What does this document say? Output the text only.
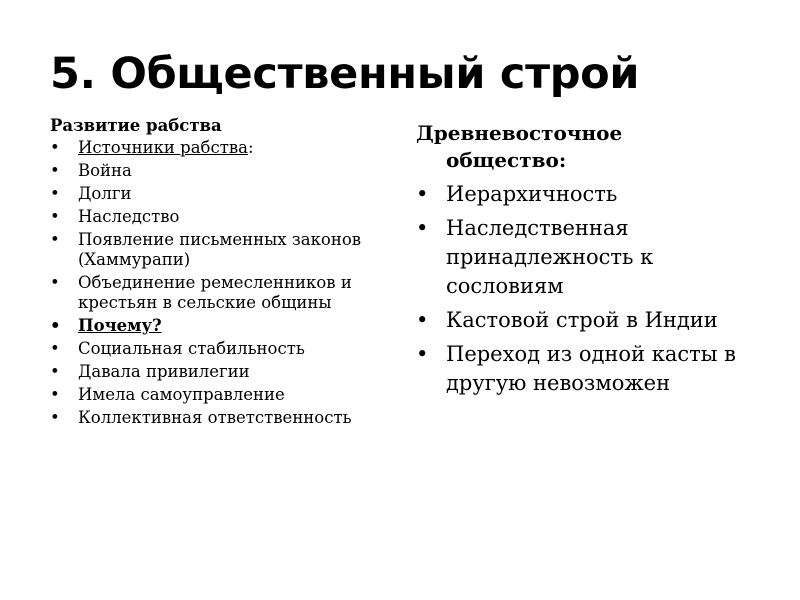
5. Общественный строй
Развитие рабства
• Источники рабства:
• Война
• Долги
• Наследство
• Появление письменных законов (Хаммурапи)
• Объединение ремесленников и крестьян в сельские общины
• Почему?
• Социальная стабильность
• Давала привилегии
• Имела самоуправление
• Коллективная ответственность
Древневосточное
общество:
• Иерархичность
• Наследственная принадлежность к сословиям
• Кастовой строй в Индии
• Переход из одной касты в другую невозможен
